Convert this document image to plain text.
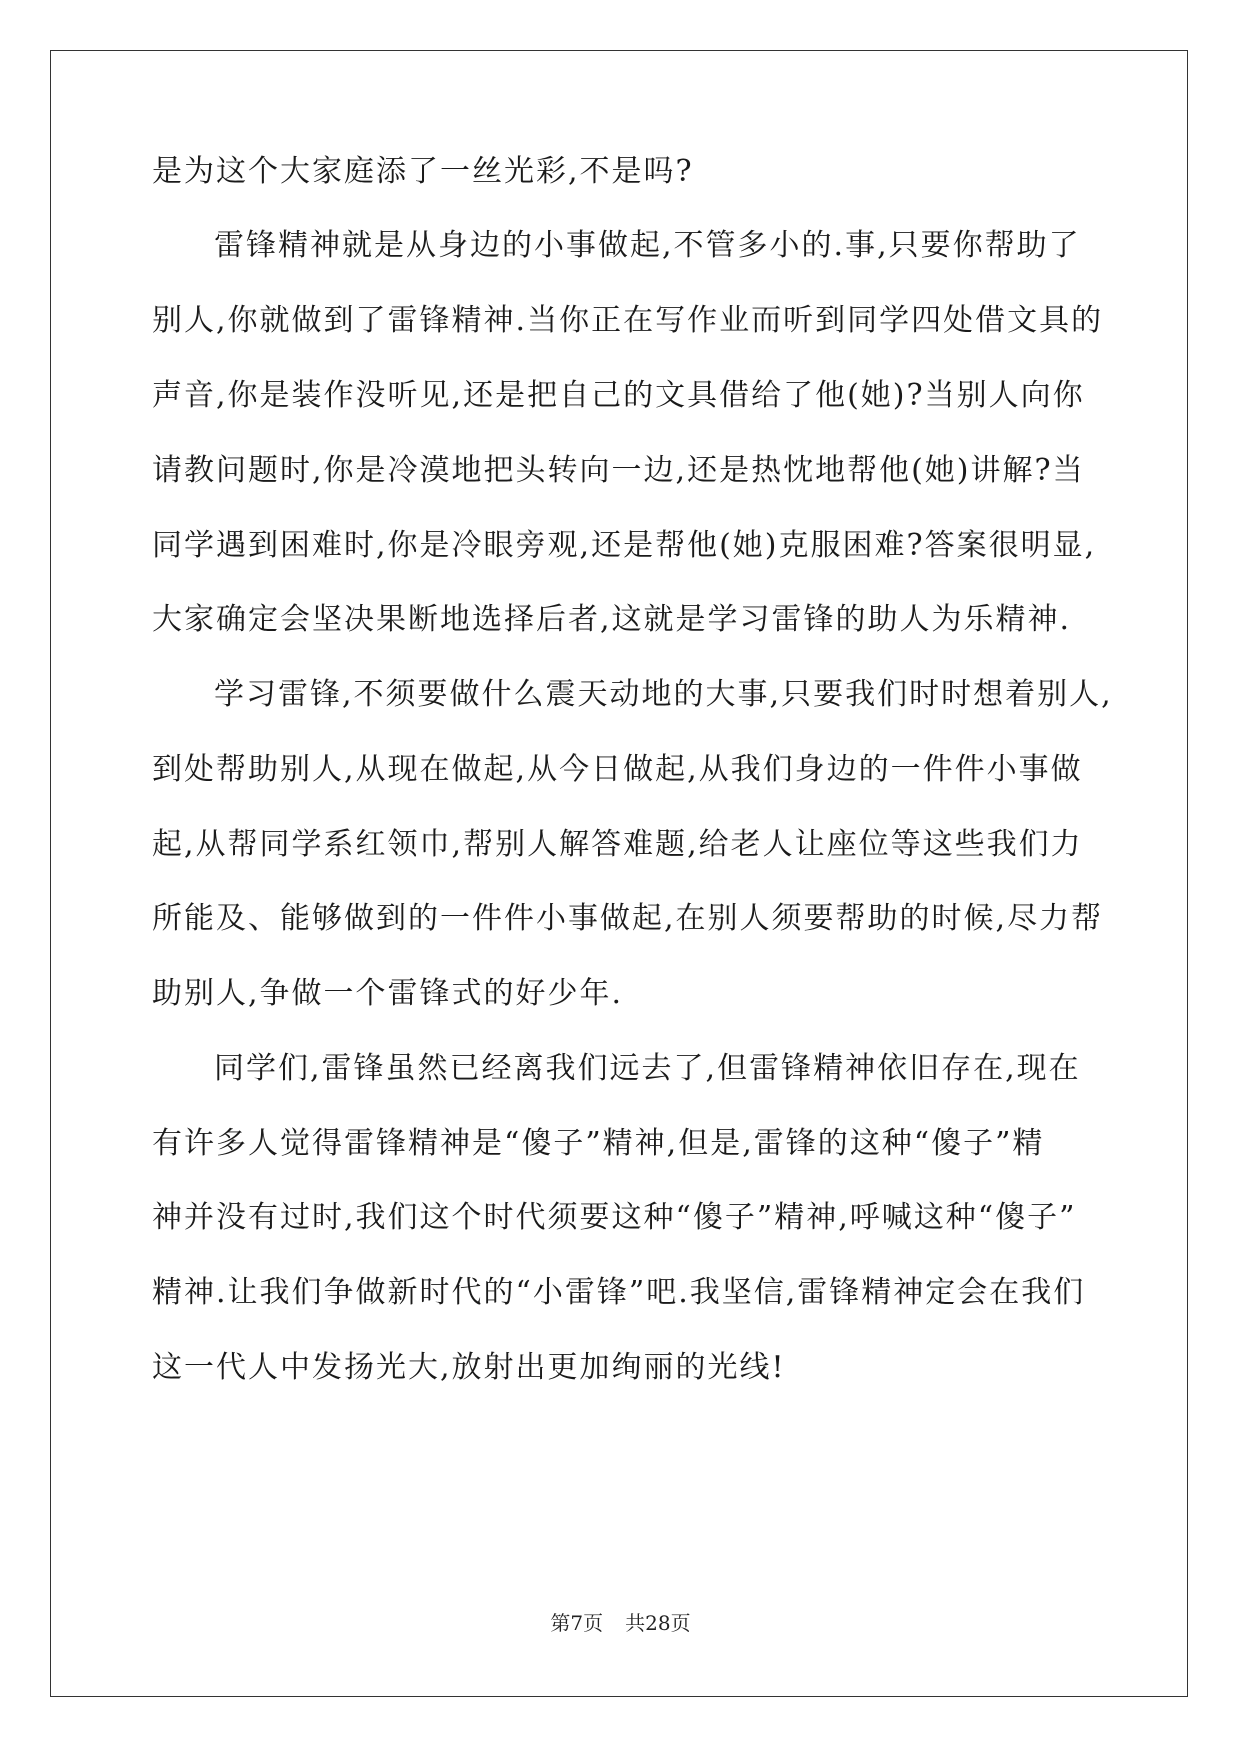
是为这个大家庭添了一丝光彩,不是吗?
雷锋精神就是从身边的小事做起,不管多小的.事,只要你帮助了
别人,你就做到了雷锋精神.当你正在写作业而听到同学四处借文具的
声音,你是装作没听见,还是把自己的文具借给了他(她)?当别人向你
请教问题时,你是冷漠地把头转向一边,还是热忱地帮他(她)讲解?当
同学遇到困难时,你是冷眼旁观,还是帮他(她)克服困难?答案很明显,
大家确定会坚决果断地选择后者,这就是学习雷锋的助人为乐精神.
学习雷锋,不须要做什么震天动地的大事,只要我们时时想着别人,
到处帮助别人,从现在做起,从今日做起,从我们身边的一件件小事做
起,从帮同学系红领巾,帮别人解答难题,给老人让座位等这些我们力
所能及、能够做到的一件件小事做起,在别人须要帮助的时候,尽力帮
助别人,争做一个雷锋式的好少年.
同学们,雷锋虽然已经离我们远去了,但雷锋精神依旧存在,现在
有许多人觉得雷锋精神是“傻子”精神,但是,雷锋的这种“傻子”精
神并没有过时,我们这个时代须要这种“傻子”精神,呼喊这种“傻子”
精神.让我们争做新时代的“小雷锋”吧.我坚信,雷锋精神定会在我们
这一代人中发扬光大,放射出更加绚丽的光线!
第7页 共28页
